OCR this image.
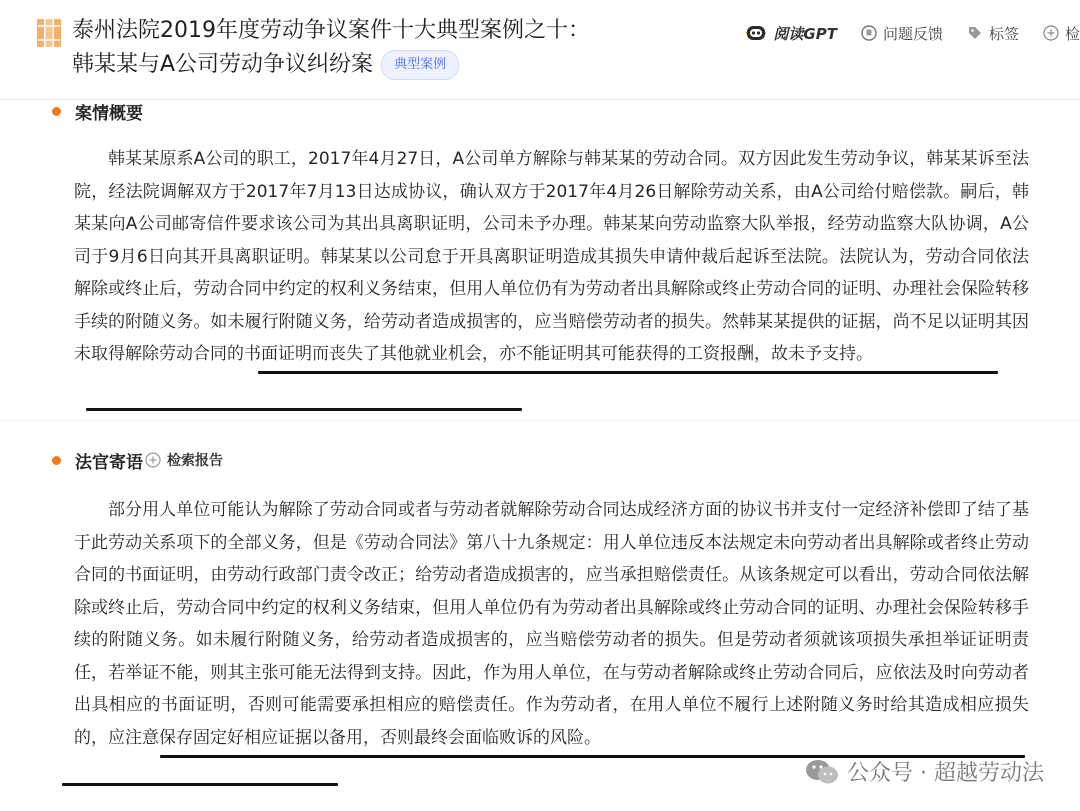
泰州法院2019年度劳动争议案件十大典型案例之十：
韩某某与A公司劳动争议纠纷案	典型案例
阅读GPT	问题反馈	标签	检
案情概要

韩某某原系A公司的职工，2017年4月27日，A公司单方解除与韩某某的劳动合同。双方因此发生劳动争议，韩某某诉至法院，经法院调解双方于2017年7月13日达成协议，确认双方于2017年4月26日解除劳动关系，由A公司给付赔偿款。嗣后，韩某某向A公司邮寄信件要求该公司为其出具离职证明，公司未予办理。韩某某向劳动监察大队举报，经劳动监察大队协调，A公司于9月6日向其开具离职证明。韩某某以公司怠于开具离职证明造成其损失申请仲裁后起诉至法院。法院认为，劳动合同依法解除或终止后，劳动合同中约定的权利义务结束，但用人单位仍有为劳动者出具解除或终止劳动合同的证明、办理社会保险转移手续的附随义务。如未履行附随义务，给劳动者造成损害的，应当赔偿劳动者的损失。然韩某某提供的证据，尚不足以证明其因未取得解除劳动合同的书面证明而丧失了其他就业机会，亦不能证明其可能获得的工资报酬，故未予支持。

法官寄语 检索报告

部分用人单位可能认为解除了劳动合同或者与劳动者就解除劳动合同达成经济方面的协议书并支付一定经济补偿即了结了基于此劳动关系项下的全部义务，但是《劳动合同法》第八十九条规定：用人单位违反本法规定未向劳动者出具解除或者终止劳动合同的书面证明，由劳动行政部门责令改正；给劳动者造成损害的，应当承担赔偿责任。从该条规定可以看出，劳动合同依法解除或终止后，劳动合同中约定的权利义务结束，但用人单位仍有为劳动者出具解除或终止劳动合同的证明、办理社会保险转移手续的附随义务。如未履行附随义务，给劳动者造成损害的，应当赔偿劳动者的损失。但是劳动者须就该项损失承担举证证明责任，若举证不能，则其主张可能无法得到支持。因此，作为用人单位，在与劳动者解除或终止劳动合同后，应依法及时向劳动者出具相应的书面证明，否则可能需要承担相应的赔偿责任。作为劳动者，在用人单位不履行上述附随义务时给其造成相应损失的，应注意保存固定好相应证据以备用，否则最终会面临败诉的风险。

公众号 · 超越劳动法
